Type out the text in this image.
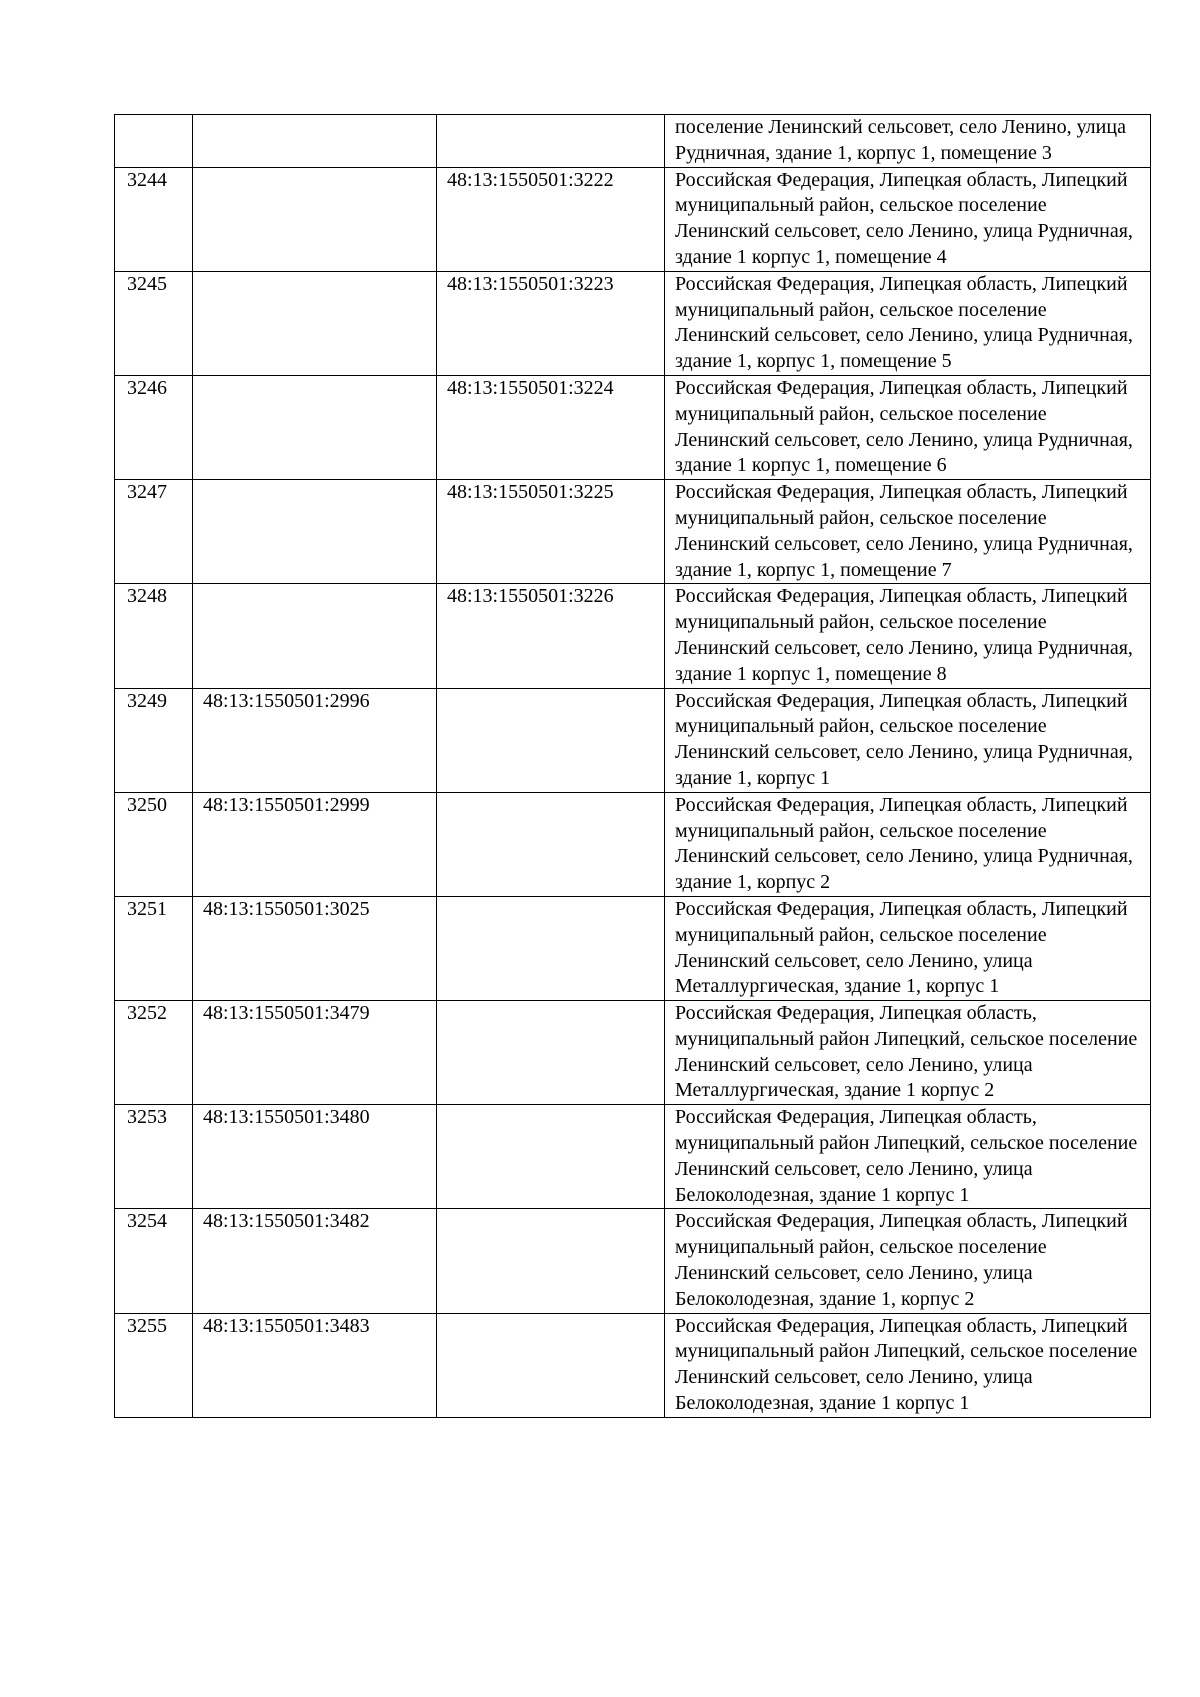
			поселение Ленинский сельсовет, село Ленино, улица Рудничная, здание 1, корпус 1, помещение 3
3244		48:13:1550501:3222	Российская Федерация, Липецкая область, Липецкий муниципальный район, сельское поселение Ленинский сельсовет, село Ленино, улица Рудничная, здание 1 корпус 1, помещение 4
3245		48:13:1550501:3223	Российская Федерация, Липецкая область, Липецкий муниципальный район, сельское поселение Ленинский сельсовет, село Ленино, улица Рудничная, здание 1, корпус 1, помещение 5
3246		48:13:1550501:3224	Российская Федерация, Липецкая область, Липецкий муниципальный район, сельское поселение Ленинский сельсовет, село Ленино, улица Рудничная, здание 1 корпус 1, помещение 6
3247		48:13:1550501:3225	Российская Федерация, Липецкая область, Липецкий муниципальный район, сельское поселение Ленинский сельсовет, село Ленино, улица Рудничная, здание 1, корпус 1, помещение 7
3248		48:13:1550501:3226	Российская Федерация, Липецкая область, Липецкий муниципальный район, сельское поселение Ленинский сельсовет, село Ленино, улица Рудничная, здание 1 корпус 1, помещение 8
3249	48:13:1550501:2996		Российская Федерация, Липецкая область, Липецкий муниципальный район, сельское поселение Ленинский сельсовет, село Ленино, улица Рудничная, здание 1, корпус 1
3250	48:13:1550501:2999		Российская Федерация, Липецкая область, Липецкий муниципальный район, сельское поселение Ленинский сельсовет, село Ленино, улица Рудничная, здание 1, корпус 2
3251	48:13:1550501:3025		Российская Федерация, Липецкая область, Липецкий муниципальный район, сельское поселение Ленинский сельсовет, село Ленино, улица Металлургическая, здание 1, корпус 1
3252	48:13:1550501:3479		Российская Федерация, Липецкая область, муниципальный район Липецкий, сельское поселение Ленинский сельсовет, село Ленино, улица Металлургическая, здание 1 корпус 2
3253	48:13:1550501:3480		Российская Федерация, Липецкая область, муниципальный район Липецкий, сельское поселение Ленинский сельсовет, село Ленино, улица Белоколодезная, здание 1 корпус 1
3254	48:13:1550501:3482		Российская Федерация, Липецкая область, Липецкий муниципальный район, сельское поселение Ленинский сельсовет, село Ленино, улица Белоколодезная, здание 1, корпус 2
3255	48:13:1550501:3483		Российская Федерация, Липецкая область, Липецкий муниципальный район Липецкий, сельское поселение Ленинский сельсовет, село Ленино, улица Белоколодезная, здание 1 корпус 1
